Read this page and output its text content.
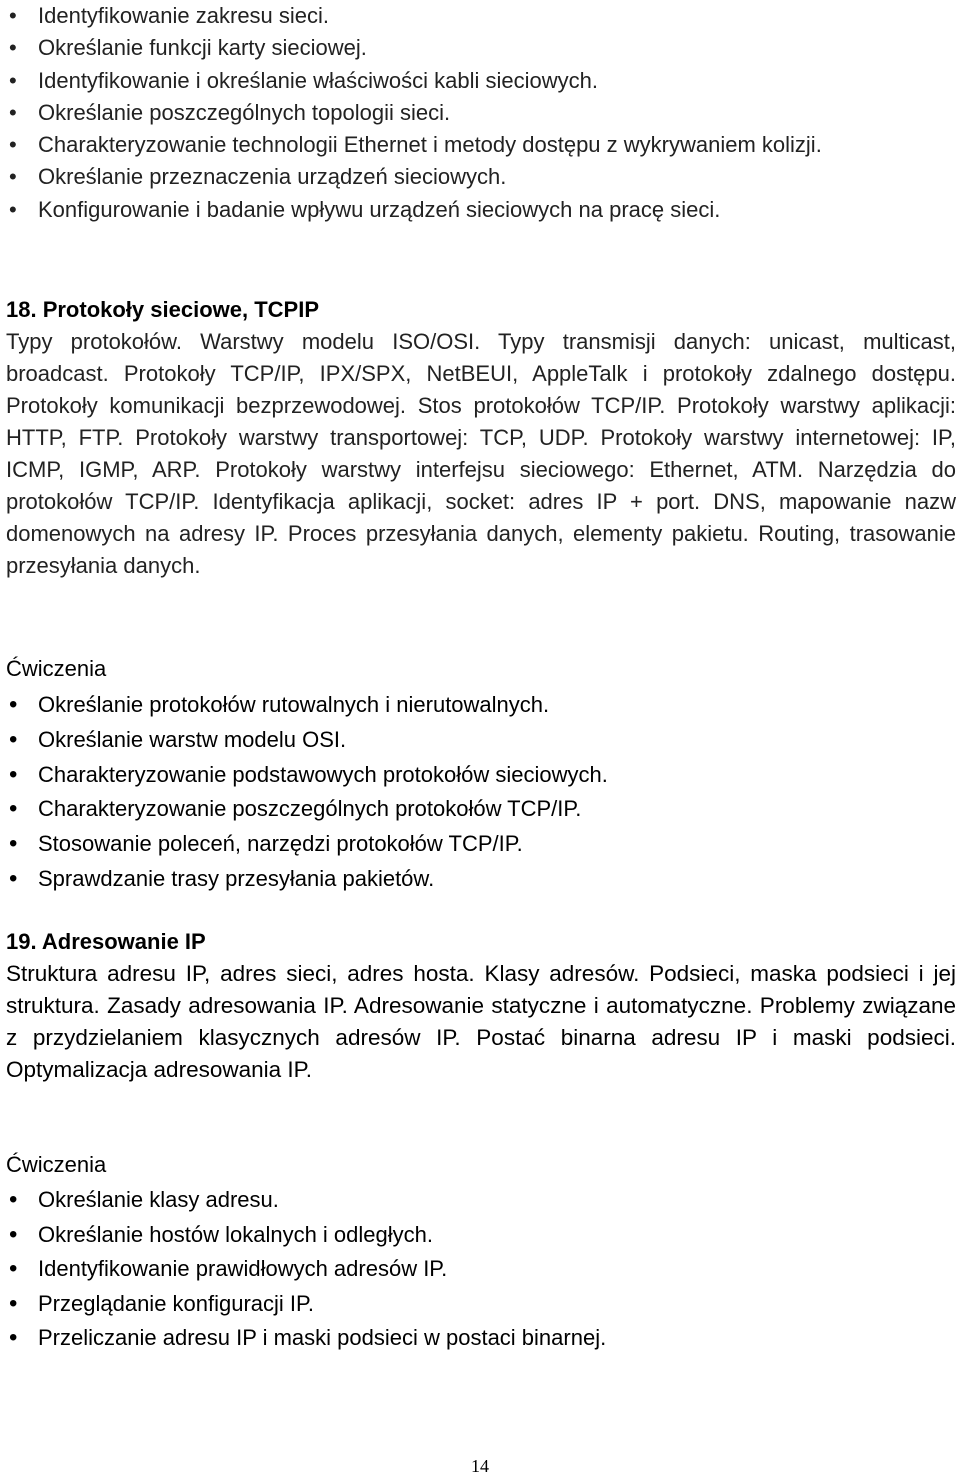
• Identyfikowanie zakresu sieci.
• Określanie funkcji karty sieciowej.
• Identyfikowanie i określanie właściwości kabli sieciowych.
• Określanie poszczególnych topologii sieci.
• Charakteryzowanie technologii Ethernet i metody dostępu z wykrywaniem kolizji.
• Określanie przeznaczenia urządzeń sieciowych.
• Konfigurowanie i badanie wpływu urządzeń sieciowych na pracę sieci.
18. Protokoły sieciowe, TCPIP

Typy protokołów. Warstwy modelu ISO/OSI. Typy transmisji danych: unicast, multicast, broadcast. Protokoły TCP/IP, IPX/SPX, NetBEUI, AppleTalk i protokoły zdalnego dostępu. Protokoły komunikacji bezprzewodowej. Stos protokołów TCP/IP. Protokoły warstwy aplikacji: HTTP, FTP. Protokoły warstwy transportowej: TCP, UDP. Protokoły warstwy internetowej: IP, ICMP, IGMP, ARP. Protokoły warstwy interfejsu sieciowego: Ethernet, ATM. Narzędzia do protokołów TCP/IP. Identyfikacja aplikacji, socket: adres IP + port. DNS, mapowanie nazw domenowych na adresy IP. Proces przesyłania danych, elementy pakietu. Routing, trasowanie przesyłania danych.

Ćwiczenia
• Określanie protokołów rutowalnych i nierutowalnych.
• Określanie warstw modelu OSI.
• Charakteryzowanie podstawowych protokołów sieciowych.
• Charakteryzowanie poszczególnych protokołów TCP/IP.
• Stosowanie poleceń, narzędzi protokołów TCP/IP.
• Sprawdzanie trasy przesyłania pakietów.
19. Adresowanie IP

Struktura adresu IP, adres sieci, adres hosta. Klasy adresów. Podsieci, maska podsieci i jej struktura. Zasady adresowania IP. Adresowanie statyczne i automatyczne. Problemy związane z przydzielaniem klasycznych adresów IP. Postać binarna adresu IP i maski podsieci. Optymalizacja adresowania IP.

Ćwiczenia
• Określanie klasy adresu.
• Określanie hostów lokalnych i odległych.
• Identyfikowanie prawidłowych adresów IP.
• Przeglądanie konfiguracji IP.
• Przeliczanie adresu IP i maski podsieci w postaci binarnej.
14
